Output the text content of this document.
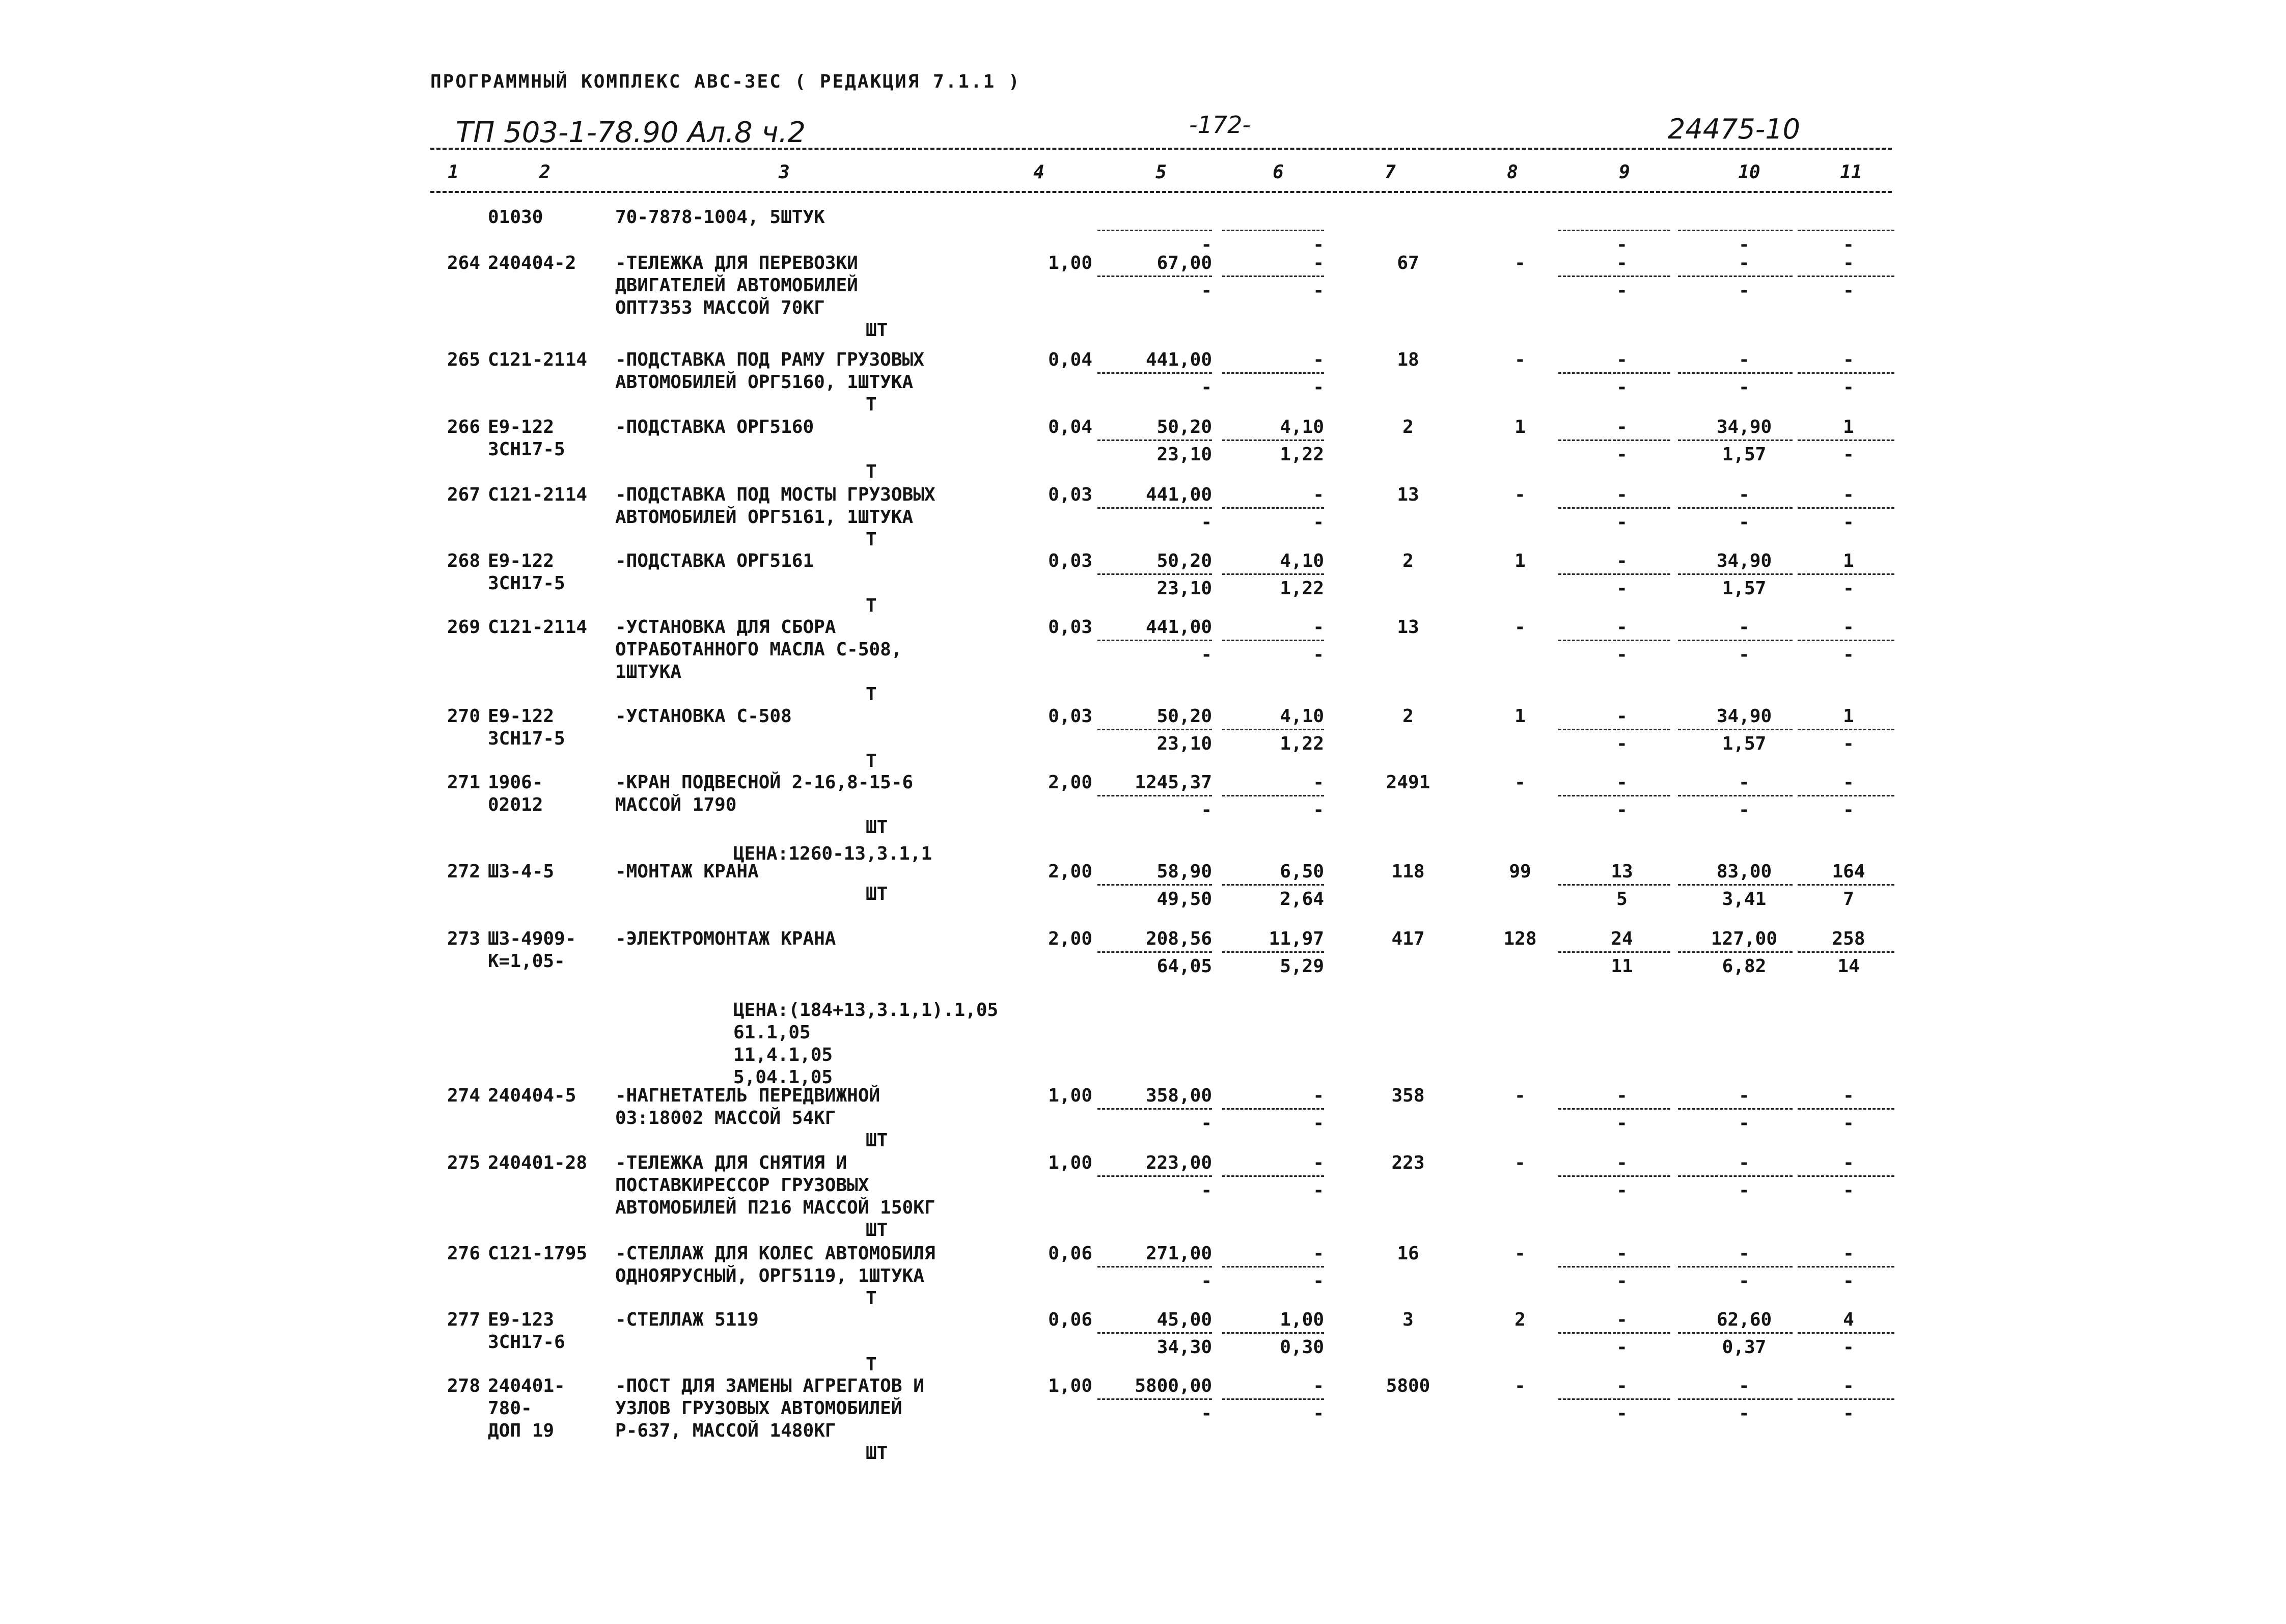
ПРОГРАММНЫЙ КОМПЛЕКС АВС-ЗЕС ( РЕДАКЦИЯ 7.1.1 )
ТП 503-1-78.90 Ал.8 ч.2	-172-	24475-10
1	2	3	4	5	6	7	8	9	10	11
01030	70-7878-1004, 5ШТУК
-	-	-	-	-
264 240404-2	-ТЕЛЕЖКА ДЛЯ ПЕРЕВОЗКИ
ДВИГАТЕЛЕЙ АВТОМОБИЛЕЙ
ОПТ7353 МАССОЙ 70КГ
1,00	67,00	-	67	-	-	-	-
-	-	-	-	-
ШТ
265 С121-2114	-ПОДСТАВКА ПОД РАМУ ГРУЗОВЫХ
АВТОМОБИЛЕЙ ОРГ5160, 1ШТУКА
0,04	441,00	-	18	-	-	-	-
-	-	-	-	-
Т
266 Е9-122
ЗСН17-5
-ПОДСТАВКА ОРГ5160	0,04	50,20	4,10	2	1	-	34,90	1
23,10	1,22	-	1,57	-
Т
267 С121-2114	-ПОДСТАВКА ПОД МОСТЫ ГРУЗОВЫХ
АВТОМОБИЛЕЙ ОРГ5161, 1ШТУКА
0,03	441,00	-	13	-	-	-	-
-	-	-	-	-
Т
268 Е9-122
ЗСН17-5
-ПОДСТАВКА ОРГ5161	0,03	50,20	4,10	2	1	-	34,90	1
23,10	1,22	-	1,57	-
Т
269 С121-2114	-УСТАНОВКА ДЛЯ СБОРА
ОТРАБОТАННОГО МАСЛА С-508,
1ШТУКА
0,03	441,00	-	13	-	-	-	-
-	-	-	-	-
Т
270 Е9-122
ЗСН17-5
-УСТАНОВКА С-508	0,03	50,20	4,10	2	1	-	34,90	1
23,10	1,22	-	1,57	-
Т
271 1906-
02012
-КРАН ПОДВЕСНОЙ 2-16,8-15-6
МАССОЙ 1790
2,00	1245,37	-	2491	-	-	-	-
-	-	-	-	-
ШТ
ЦЕНА:1260-13,3.1,1
272 Ш3-4-5	-МОНТАЖ КРАНА	2,00	58,90	6,50	118	99	13	83,00	164
49,50	2,64	5	3,41	7
ШТ
273 Ш3-4909-
К=1,05-
-ЭЛЕКТРОМОНТАЖ КРАНА	2,00	208,56	11,97	417	128	24	127,00	258
64,05	5,29	11	6,82	14
ЦЕНА:(184+13,3.1,1).1,05
61.1,05
11,4.1,05
5,04.1,05
274 240404-5	-НАГНЕТАТЕЛЬ ПЕРЕДВИЖНОЙ
03:18002 МАССОЙ 54КГ
1,00	358,00	-	358	-	-	-	-
-	-	-	-	-
ШТ
275 240401-28	-ТЕЛЕЖКА ДЛЯ СНЯТИЯ И
ПОСТАВКИРЕССОР ГРУЗОВЫХ
АВТОМОБИЛЕЙ П216 МАССОЙ 150КГ
1,00	223,00	-	223	-	-	-	-
-	-	-	-	-
ШТ
276 С121-1795	-СТЕЛЛАЖ ДЛЯ КОЛЕС АВТОМОБИЛЯ
ОДНОЯРУСНЫЙ, ОРГ5119, 1ШТУКА
0,06	271,00	-	16	-	-	-	-
-	-	-	-	-
Т
277 Е9-123
ЗСН17-6
-СТЕЛЛАЖ 5119	0,06	45,00	1,00	3	2	-	62,60	4
34,30	0,30	-	0,37	-
Т
278 240401-
780-
ДОП 19
-ПОСТ ДЛЯ ЗАМЕНЫ АГРЕГАТОВ И
УЗЛОВ ГРУЗОВЫХ АВТОМОБИЛЕЙ
Р-637, МАССОЙ 1480КГ
1,00	5800,00	-	5800	-	-	-	-
-	-	-	-	-
ШТ
